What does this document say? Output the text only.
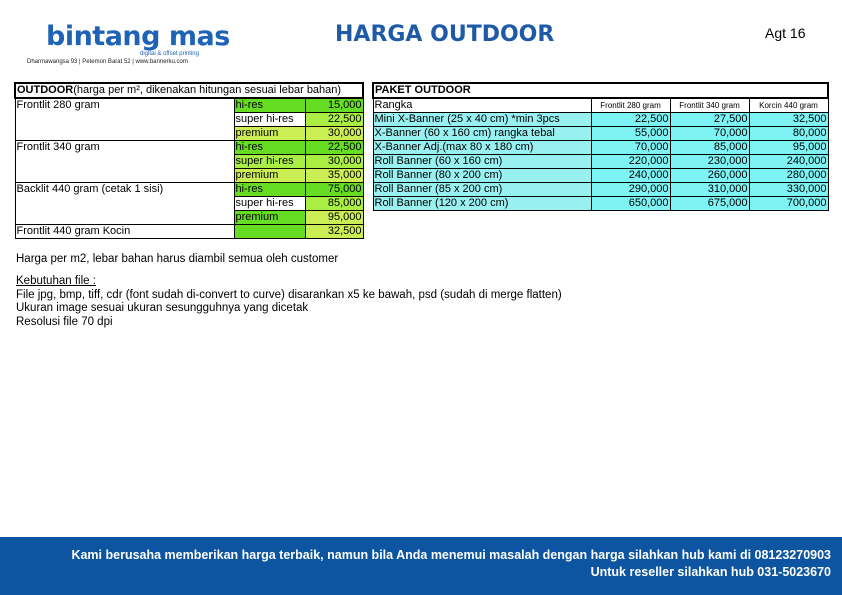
bintang mas
digital & offset printing
Dharmawangsa 93 | Petemon Barat 52 | www.bannerku.com
HARGA OUTDOOR	Agt 16
OUTDOOR(harga per m², dikenakan hitungan sesuai lebar bahan)		
Frontlit 280 gram	hi-res	15,000
	super hi-res	22,500
	premium	30,000
Frontlit 340 gram	hi-res	22,500
	super hi-res	30,000
	premium	35,000
Backlit 440 gram (cetak 1 sisi)	hi-res	75,000
	super hi-res	85,000
	premium	95,000
Frontlit 440 gram Kocin		32,500
PAKET OUTDOOR			
Rangka	Frontlit 280 gram	Frontlit 340 gram	Korcin 440 gram
Mini X-Banner (25 x 40 cm) *min 3pcs	22,500	27,500	32,500
X-Banner (60 x 160 cm) rangka tebal	55,000	70,000	80,000
X-Banner Adj.(max 80 x 180 cm)	70,000	85,000	95,000
Roll Banner (60 x 160 cm)	220,000	230,000	240,000
Roll Banner (80 x 200 cm)	240,000	260,000	280,000
Roll Banner (85 x 200 cm)	290,000	310,000	330,000
Roll Banner (120 x 200 cm)	650,000	675,000	700,000
Harga per m2, lebar bahan harus diambil semua oleh customer
Kebutuhan file :
File jpg, bmp, tiff, cdr (font sudah di-convert to curve) disarankan x5 ke bawah, psd (sudah di merge flatten)
Ukuran image sesuai ukuran sesungguhnya yang dicetak
Resolusi file 70 dpi
Kami berusaha memberikan harga terbaik, namun bila Anda menemui masalah dengan harga silahkan hub kami di 08123270903
Untuk reseller silahkan hub 031-5023670
